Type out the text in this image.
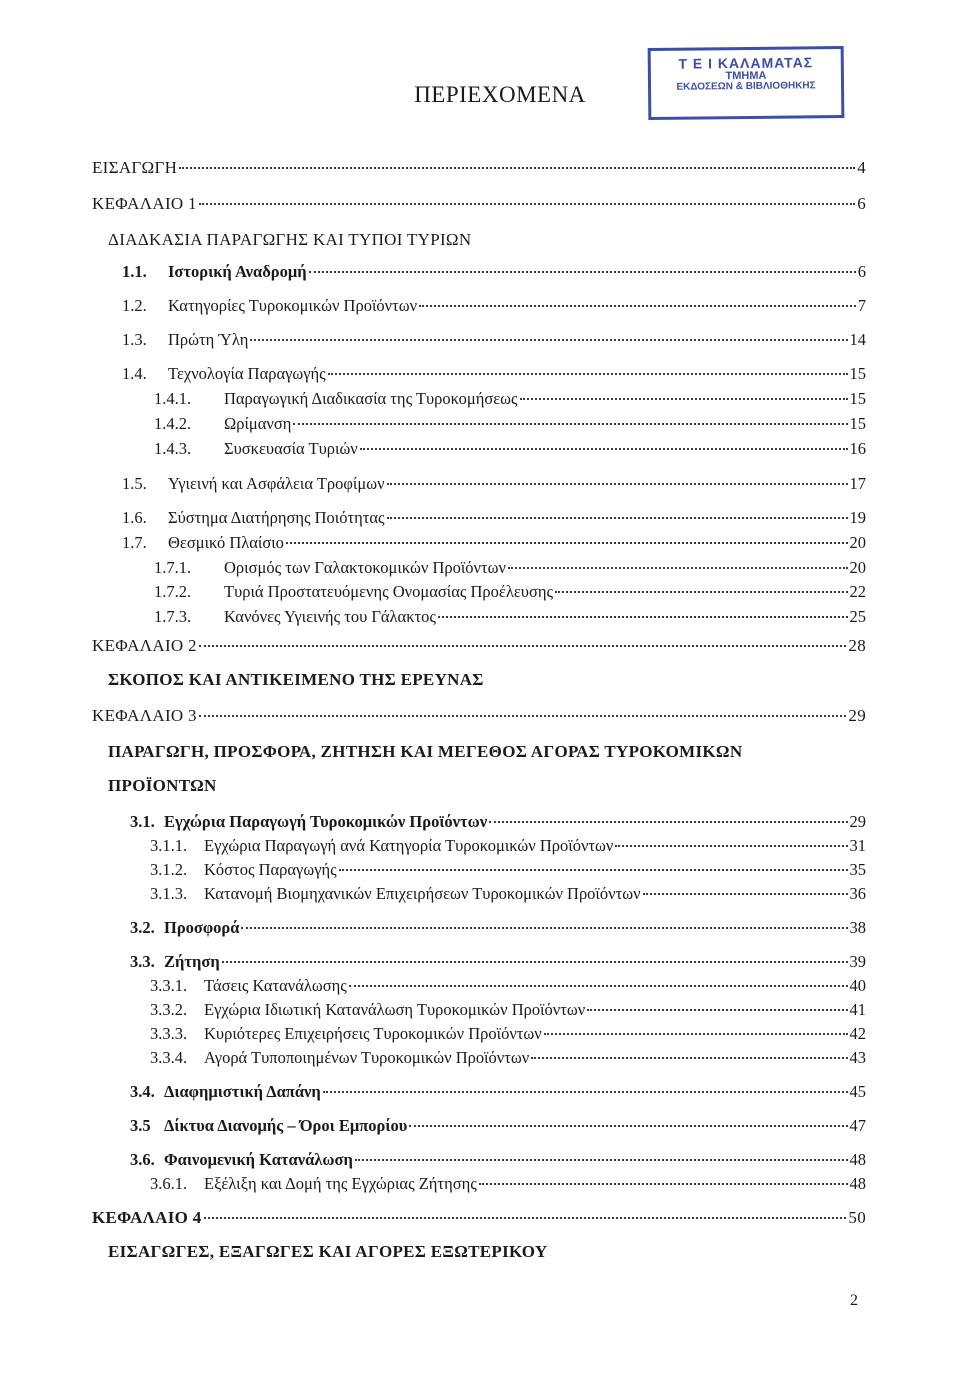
Τ Ε Ι ΚΑΛΑΜΑΤΑΣ
ΤΜΗΜΑ
ΕΚΔΟΣΕΩΝ & ΒΙΒΛΙΟΘΗΚΗΣ
ΠΕΡΙΕΧΟΜΕΝΑ
ΕΙΣΑΓΩΓΗ	4
ΚΕΦΑΛΑΙΟ 1	6
ΔΙΑΔΚΑΣΙΑ ΠΑΡΑΓΩΓΗΣ ΚΑΙ ΤΥΠΟΙ ΤΥΡΙΩΝ
1.1.	Ιστορική Αναδρομή	6
1.2.	Κατηγορίες Τυροκομικών Προϊόντων	7
1.3.	Πρώτη Ύλη	14
1.4.	Τεχνολογία Παραγωγής	15
1.4.1.	Παραγωγική Διαδικασία της Τυροκομήσεως	15
1.4.2.	Ωρίμανση	15
1.4.3.	Συσκευασία Τυριών	16
1.5.	Υγιεινή και Ασφάλεια Τροφίμων	17
1.6.	Σύστημα Διατήρησης Ποιότητας	19
1.7.	Θεσμικό Πλαίσιο	20
1.7.1.	Ορισμός των Γαλακτοκομικών Προϊόντων	20
1.7.2.	Τυριά Προστατευόμενης Ονομασίας Προέλευσης	22
1.7.3.	Κανόνες Υγιεινής του Γάλακτος	25
ΚΕΦΑΛΑΙΟ 2	28
ΣΚΟΠΟΣ ΚΑΙ ΑΝΤΙΚΕΙΜΕΝΟ ΤΗΣ ΕΡΕΥΝΑΣ
ΚΕΦΑΛΑΙΟ 3	29
ΠΑΡΑΓΩΓΗ, ΠΡΟΣΦΟΡΑ, ΖΗΤΗΣΗ ΚΑΙ ΜΕΓΕΘΟΣ ΑΓΟΡΑΣ ΤΥΡΟΚΟΜΙΚΩΝ
ΠΡΟΪΟΝΤΩΝ
3.1. Εγχώρια Παραγωγή Τυροκομικών Προϊόντων	29
3.1.1.	Εγχώρια Παραγωγή ανά Κατηγορία Τυροκομικών Προϊόντων	31
3.1.2.	Κόστος Παραγωγής	35
3.1.3.	Κατανομή Βιομηχανικών Επιχειρήσεων Τυροκομικών Προϊόντων	36
3.2. Προσφορά	38
3.3. Ζήτηση	39
3.3.1.	Τάσεις Κατανάλωσης	40
3.3.2.	Εγχώρια Ιδιωτική Κατανάλωση Τυροκομικών Προϊόντων	41
3.3.3.	Κυριότερες Επιχειρήσεις Τυροκομικών Προϊόντων	42
3.3.4.	Αγορά Τυποποιημένων Τυροκομικών Προϊόντων	43
3.4. Διαφημιστική Δαπάνη	45
3.5 Δίκτυα Διανομής – Όροι Εμπορίου	47
3.6. Φαινομενική Κατανάλωση	48
3.6.1.	Εξέλιξη και Δομή της Εγχώριας Ζήτησης	48
ΚΕΦΑΛΑΙΟ 4	50
ΕΙΣΑΓΩΓΕΣ, ΕΞΑΓΩΓΕΣ ΚΑΙ ΑΓΟΡΕΣ ΕΞΩΤΕΡΙΚΟΥ
2
